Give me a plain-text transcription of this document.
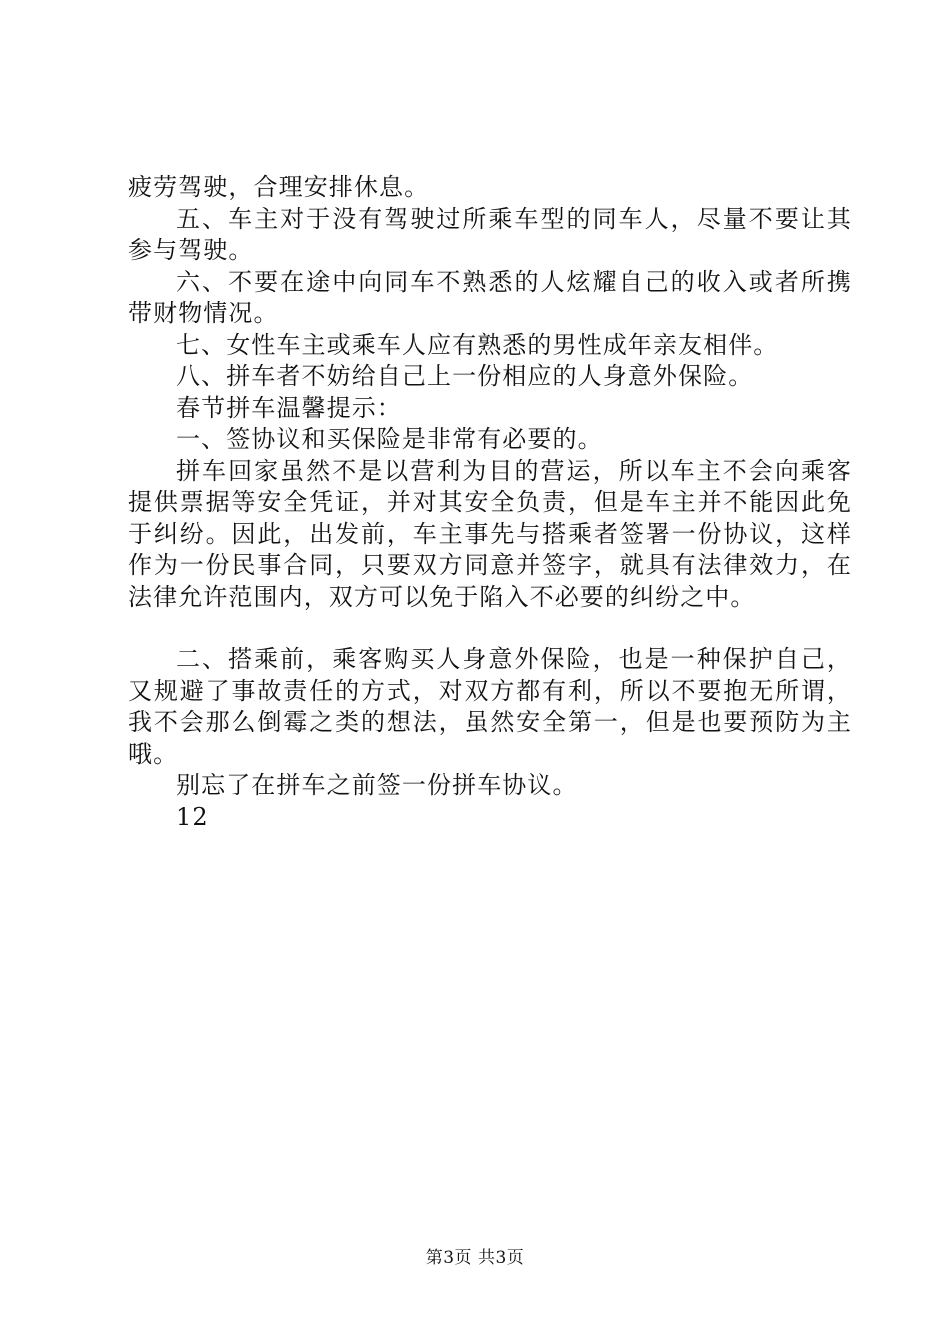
疲劳驾驶，合理安排休息。

五、车主对于没有驾驶过所乘车型的同车人，尽量不要让其参与驾驶。

六、不要在途中向同车不熟悉的人炫耀自己的收入或者所携带财物情况。

七、女性车主或乘车人应有熟悉的男性成年亲友相伴。

八、拼车者不妨给自己上一份相应的人身意外保险。

春节拼车温馨提示：

一、签协议和买保险是非常有必要的。

拼车回家虽然不是以营利为目的营运，所以车主不会向乘客提供票据等安全凭证，并对其安全负责，但是车主并不能因此免于纠纷。因此，出发前，车主事先与搭乘者签署一份协议，这样作为一份民事合同，只要双方同意并签字，就具有法律效力，在法律允许范围内，双方可以免于陷入不必要的纠纷之中。

二、搭乘前，乘客购买人身意外保险，也是一种保护自己，又规避了事故责任的方式，对双方都有利，所以不要抱无所谓，我不会那么倒霉之类的想法，虽然安全第一，但是也要预防为主哦。

别忘了在拼车之前签一份拼车协议。

12

第3页 共3页
